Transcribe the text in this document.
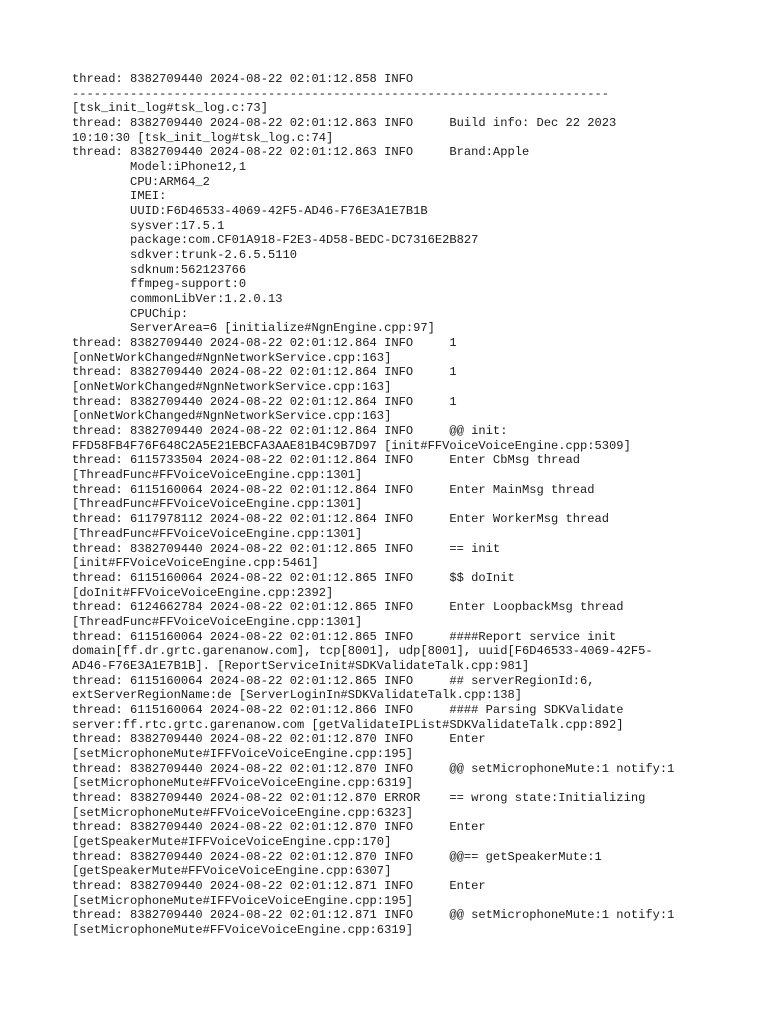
thread: 8382709440 2024-08-22 02:01:12.858 INFO
--------------------------------------------------------------------------
[tsk_init_log#tsk_log.c:73]
thread: 8382709440 2024-08-22 02:01:12.863 INFO     Build info: Dec 22 2023
10:10:30 [tsk_init_log#tsk_log.c:74]
thread: 8382709440 2024-08-22 02:01:12.863 INFO     Brand:Apple
Model:iPhone12,1
CPU:ARM64_2
IMEI:
UUID:F6D46533-4069-42F5-AD46-F76E3A1E7B1B
sysver:17.5.1
package:com.CF01A918-F2E3-4D58-BEDC-DC7316E2B827
sdkver:trunk-2.6.5.5110
sdknum:562123766
ffmpeg-support:0
commonLibVer:1.2.0.13
CPUChip:
ServerArea=6 [initialize#NgnEngine.cpp:97]
thread: 8382709440 2024-08-22 02:01:12.864 INFO     1
[onNetWorkChanged#NgnNetworkService.cpp:163]
thread: 8382709440 2024-08-22 02:01:12.864 INFO     1
[onNetWorkChanged#NgnNetworkService.cpp:163]
thread: 8382709440 2024-08-22 02:01:12.864 INFO     1
[onNetWorkChanged#NgnNetworkService.cpp:163]
thread: 8382709440 2024-08-22 02:01:12.864 INFO     @@ init:
FFD58FB4F76F648C2A5E21EBCFA3AAE81B4C9B7D97 [init#FFVoiceVoiceEngine.cpp:5309]
thread: 6115733504 2024-08-22 02:01:12.864 INFO     Enter CbMsg thread
[ThreadFunc#FFVoiceVoiceEngine.cpp:1301]
thread: 6115160064 2024-08-22 02:01:12.864 INFO     Enter MainMsg thread
[ThreadFunc#FFVoiceVoiceEngine.cpp:1301]
thread: 6117978112 2024-08-22 02:01:12.864 INFO     Enter WorkerMsg thread
[ThreadFunc#FFVoiceVoiceEngine.cpp:1301]
thread: 8382709440 2024-08-22 02:01:12.865 INFO     == init
[init#FFVoiceVoiceEngine.cpp:5461]
thread: 6115160064 2024-08-22 02:01:12.865 INFO     $$ doInit
[doInit#FFVoiceVoiceEngine.cpp:2392]
thread: 6124662784 2024-08-22 02:01:12.865 INFO     Enter LoopbackMsg thread
[ThreadFunc#FFVoiceVoiceEngine.cpp:1301]
thread: 6115160064 2024-08-22 02:01:12.865 INFO     ####Report service init
domain[ff.dr.grtc.garenanow.com], tcp[8001], udp[8001], uuid[F6D46533-4069-42F5-
AD46-F76E3A1E7B1B]. [ReportServiceInit#SDKValidateTalk.cpp:981]
thread: 6115160064 2024-08-22 02:01:12.865 INFO     ## serverRegionId:6,
extServerRegionName:de [ServerLoginIn#SDKValidateTalk.cpp:138]
thread: 6115160064 2024-08-22 02:01:12.866 INFO     #### Parsing SDKValidate
server:ff.rtc.grtc.garenanow.com [getValidateIPList#SDKValidateTalk.cpp:892]
thread: 8382709440 2024-08-22 02:01:12.870 INFO     Enter
[setMicrophoneMute#IFFVoiceVoiceEngine.cpp:195]
thread: 8382709440 2024-08-22 02:01:12.870 INFO     @@ setMicrophoneMute:1 notify:1
[setMicrophoneMute#FFVoiceVoiceEngine.cpp:6319]
thread: 8382709440 2024-08-22 02:01:12.870 ERROR    == wrong state:Initializing
[setMicrophoneMute#FFVoiceVoiceEngine.cpp:6323]
thread: 8382709440 2024-08-22 02:01:12.870 INFO     Enter
[getSpeakerMute#IFFVoiceVoiceEngine.cpp:170]
thread: 8382709440 2024-08-22 02:01:12.870 INFO     @@== getSpeakerMute:1
[getSpeakerMute#FFVoiceVoiceEngine.cpp:6307]
thread: 8382709440 2024-08-22 02:01:12.871 INFO     Enter
[setMicrophoneMute#IFFVoiceVoiceEngine.cpp:195]
thread: 8382709440 2024-08-22 02:01:12.871 INFO     @@ setMicrophoneMute:1 notify:1
[setMicrophoneMute#FFVoiceVoiceEngine.cpp:6319]
